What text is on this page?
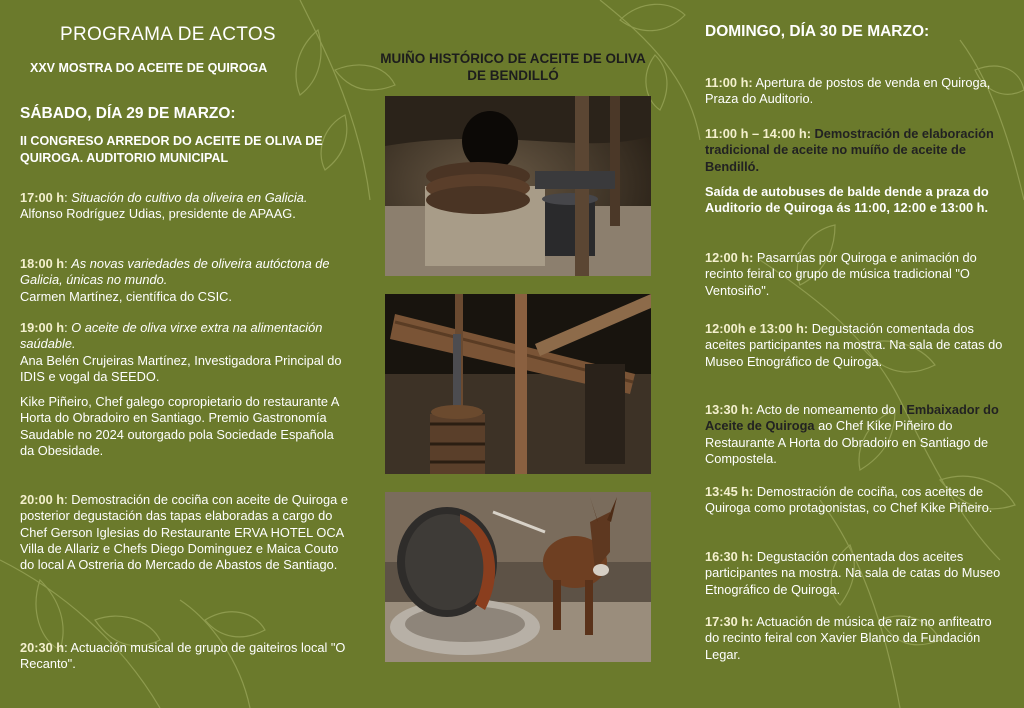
PROGRAMA DE ACTOS
XXV MOSTRA DO ACEITE DE QUIROGA
SÁBADO, DÍA 29 DE MARZO:
II CONGRESO ARREDOR DO ACEITE DE OLIVA DE QUIROGA. AUDITORIO MUNICIPAL
17:00 h: Situación do cultivo da oliveira en Galicia. Alfonso Rodríguez Udias, presidente de APAAG.
18:00 h: As novas variedades de oliveira autóctona de Galicia, únicas no mundo.
Carmen Martínez, científica do CSIC.
19:00 h: O aceite de oliva virxe extra na alimentación saúdable.
Ana Belén Crujeiras Martínez, Investigadora Principal do IDIS e vogal da SEEDO.
Kike Piñeiro, Chef galego copropietario do restaurante A Horta do Obradoiro en Santiago. Premio Gastronomía Saudable no 2024 outorgado pola Sociedade Española da Obesidade.
20:00 h: Demostración de cociña con aceite de Quiroga e posterior degustación das tapas elaboradas a cargo do Chef Gerson Iglesias do Restaurante ERVA HOTEL OCA Villa de Allariz e Chefs Diego Dominguez e Maica Couto do local A Ostreria do Mercado de Abastos de Santiago.
20:30 h: Actuación musical de grupo de gaiteiros local "O Recanto".
MUIÑO HISTÓRICO DE ACEITE DE OLIVA DE BENDILLÓ
DOMINGO, DÍA 30 DE MARZO:
11:00 h: Apertura de postos de venda en Quiroga, Praza do Auditorio.
11:00 h – 14:00 h: Demostración de elaboración tradicional de aceite no muíño de aceite de Bendilló.
Saída de autobuses de balde dende a praza do Auditorio de Quiroga ás 11:00, 12:00 e 13:00 h.
12:00 h: Pasarrúas por Quiroga e animación do recinto feiral co grupo de música tradicional "O Ventosiño".
12:00h e 13:00 h: Degustación comentada dos aceites participantes na mostra. Na sala de catas do Museo Etnográfico de Quiroga.
13:30 h: Acto de nomeamento do I Embaixador do Aceite de Quiroga ao Chef Kike Piñeiro do Restaurante A Horta do Obradoiro en Santiago de Compostela.
13:45 h: Demostración de cociña, cos aceites de Quiroga como protagonistas, co Chef Kike Piñeiro.
16:30 h: Degustación comentada dos aceites participantes na mostra. Na sala de catas do Museo Etnográfico de Quiroga.
17:30 h: Actuación de música de raíz no anfiteatro do recinto feiral con Xavier Blanco da Fundación Legar.
